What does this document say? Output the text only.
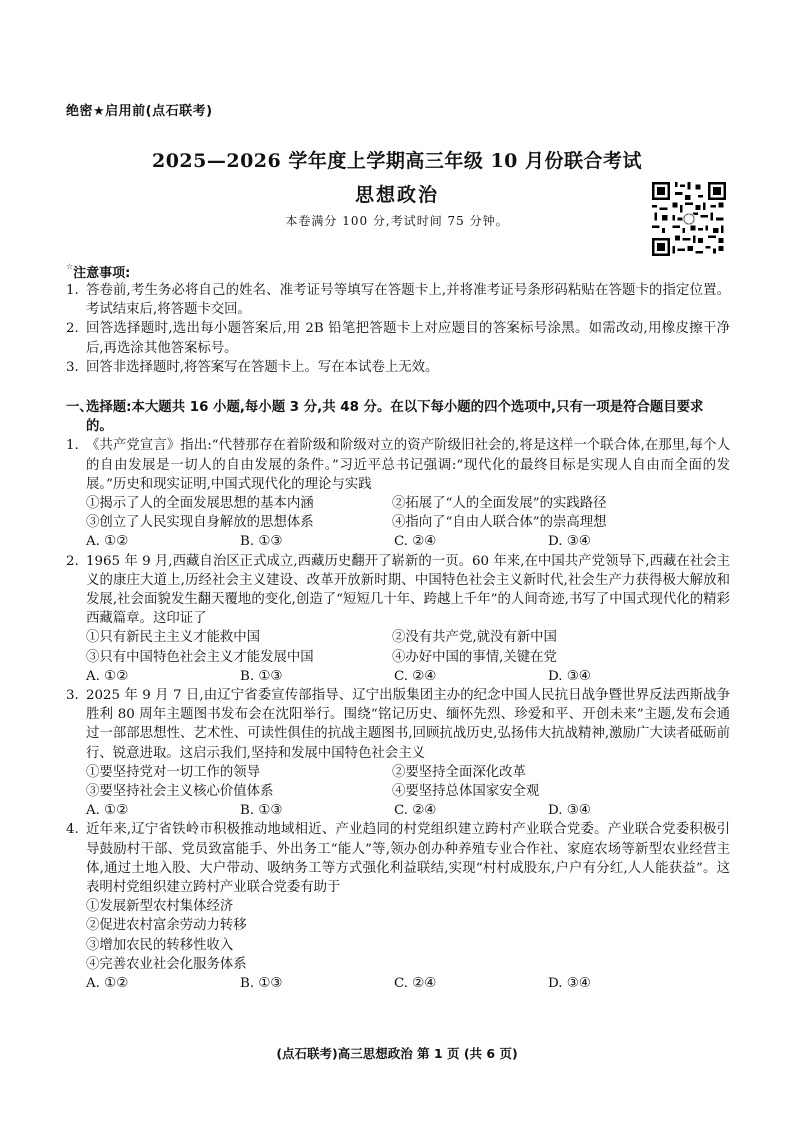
绝密★启用前(点石联考)
2025—2026 学年度上学期高三年级 10 月份联合考试
思想政治
本卷满分 100 分,考试时间 75 分钟。
☆注意事项:
1. 答卷前,考生务必将自己的姓名、准考证号等填写在答题卡上,并将准考证号条形码粘贴在答题卡的指定位置。考试结束后,将答题卡交回。
2. 回答选择题时,选出每小题答案后,用 2B 铅笔把答题卡上对应题目的答案标号涂黑。如需改动,用橡皮擦干净后,再选涂其他答案标号。
3. 回答非选择题时,将答案写在答题卡上。写在本试卷上无效。
一、
选择题:本大题共 16 小题,每小题 3 分,共 48 分。在以下每小题的四个选项中,只有一项是符合题目要求的。
1. 《共产党宣言》指出:“代替那存在着阶级和阶级对立的资产阶级旧社会的,将是这样一个联合体,在那里,每个人的自由发展是一切人的自由发展的条件。”习近平总书记强调:“现代化的最终目标是实现人自由而全面的发展。”历史和现实证明,中国式现代化的理论与实践
①揭示了人的全面发展思想的基本内涵	②拓展了“人的全面发展”的实践路径
③创立了人民实现自身解放的思想体系	④指向了“自由人联合体”的崇高理想
A. ①②	B. ①③	C. ②④	D. ③④
2. 1965 年 9 月,西藏自治区正式成立,西藏历史翻开了崭新的一页。60 年来,在中国共产党领导下,西藏在社会主义的康庄大道上,历经社会主义建设、改革开放新时期、中国特色社会主义新时代,社会生产力获得极大解放和发展,社会面貌发生翻天覆地的变化,创造了“短短几十年、跨越上千年”的人间奇迹,书写了中国式现代化的精彩西藏篇章。这印证了
①只有新民主主义才能救中国	②没有共产党,就没有新中国
③只有中国特色社会主义才能发展中国	④办好中国的事情,关键在党
A. ①②	B. ①③	C. ②④	D. ③④
3. 2025 年 9 月 7 日,由辽宁省委宣传部指导、辽宁出版集团主办的纪念中国人民抗日战争暨世界反法西斯战争胜利 80 周年主题图书发布会在沈阳举行。围绕“铭记历史、缅怀先烈、珍爱和平、开创未来”主题,发布会通过一部部思想性、艺术性、可读性俱佳的抗战主题图书,回顾抗战历史,弘扬伟大抗战精神,激励广大读者砥砺前行、锐意进取。这启示我们,坚持和发展中国特色社会主义
①要坚持党对一切工作的领导	②要坚持全面深化改革
③要坚持社会主义核心价值体系	④要坚持总体国家安全观
A. ①②	B. ①③	C. ②④	D. ③④
4. 近年来,辽宁省铁岭市积极推动地域相近、产业趋同的村党组织建立跨村产业联合党委。产业联合党委积极引导鼓励村干部、党员致富能手、外出务工“能人”等,领办创办种养殖专业合作社、家庭农场等新型农业经营主体,通过土地入股、大户带动、吸纳务工等方式强化利益联结,实现“村村成股东,户户有分红,人人能获益”。这表明村党组织建立跨村产业联合党委有助于
①发展新型农村集体经济
②促进农村富余劳动力转移
③增加农民的转移性收入
④完善农业社会化服务体系
A. ①②	B. ①③	C. ②④	D. ③④
(点石联考)高三思想政治 第 1 页 (共 6 页)
